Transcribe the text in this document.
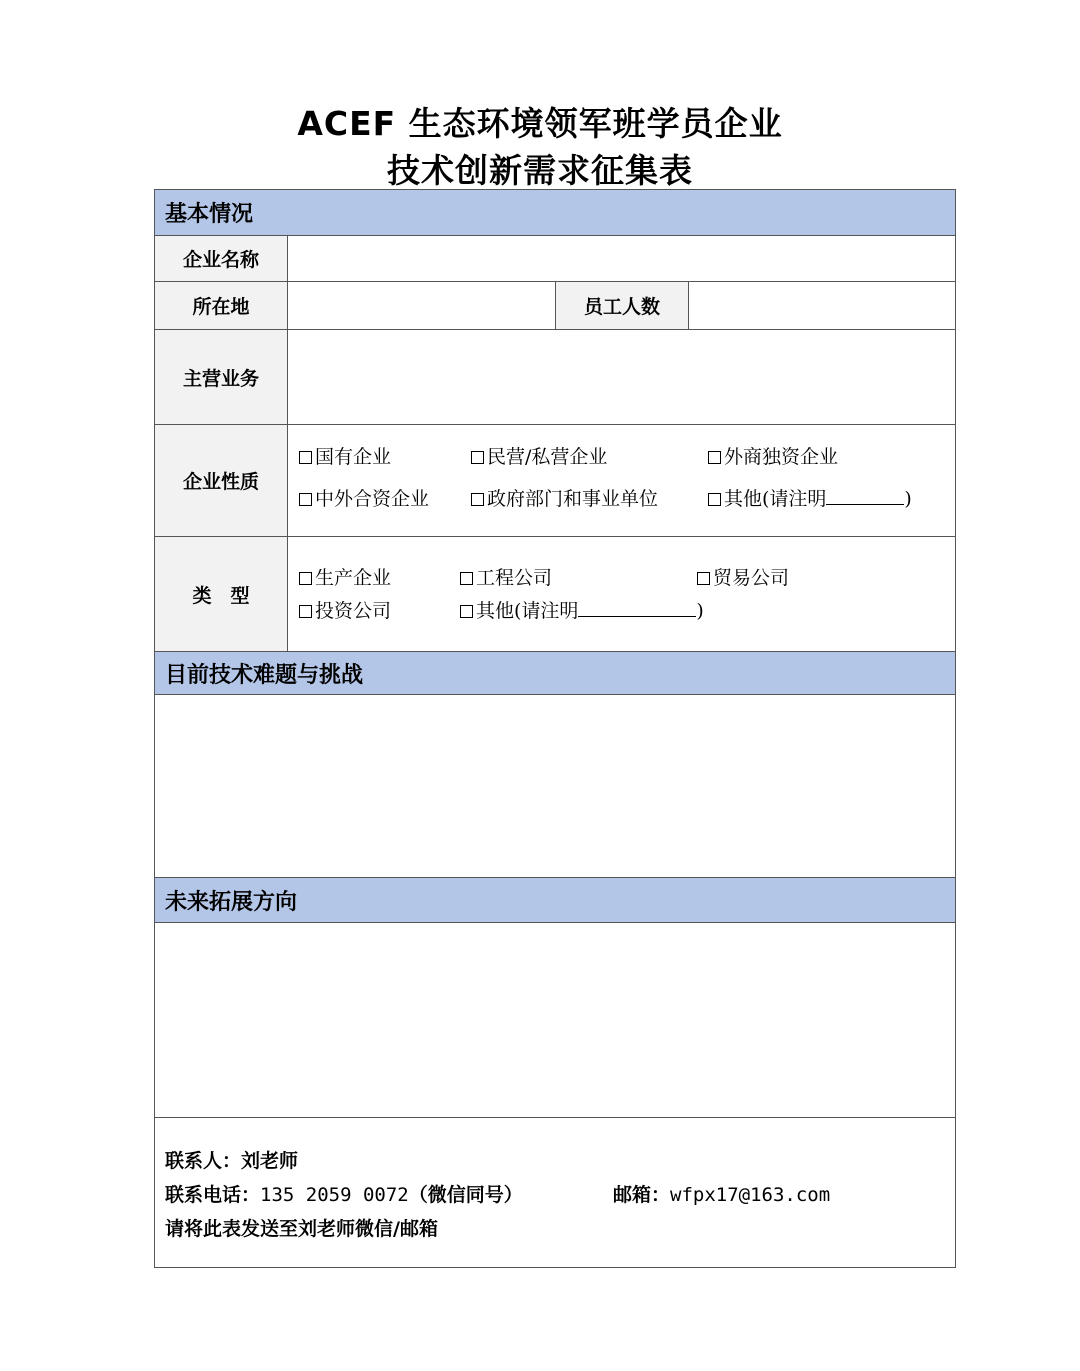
ACEF 生态环境领军班学员企业
技术创新需求征集表
基本情况
企业名称
所在地	员工人数
主营业务
企业性质
国有企业	民营/私营企业	外商独资企业
中外合资企业	政府部门和事业单位	其他(请注明	)
类　型
生产企业	工程公司	贸易公司
投资公司	其他(请注明	)
目前技术难题与挑战
未来拓展方向
联系人：刘老师
联系电话：135 2059 0072（微信同号）	邮箱：wfpx17@163.com
请将此表发送至刘老师微信/邮箱
